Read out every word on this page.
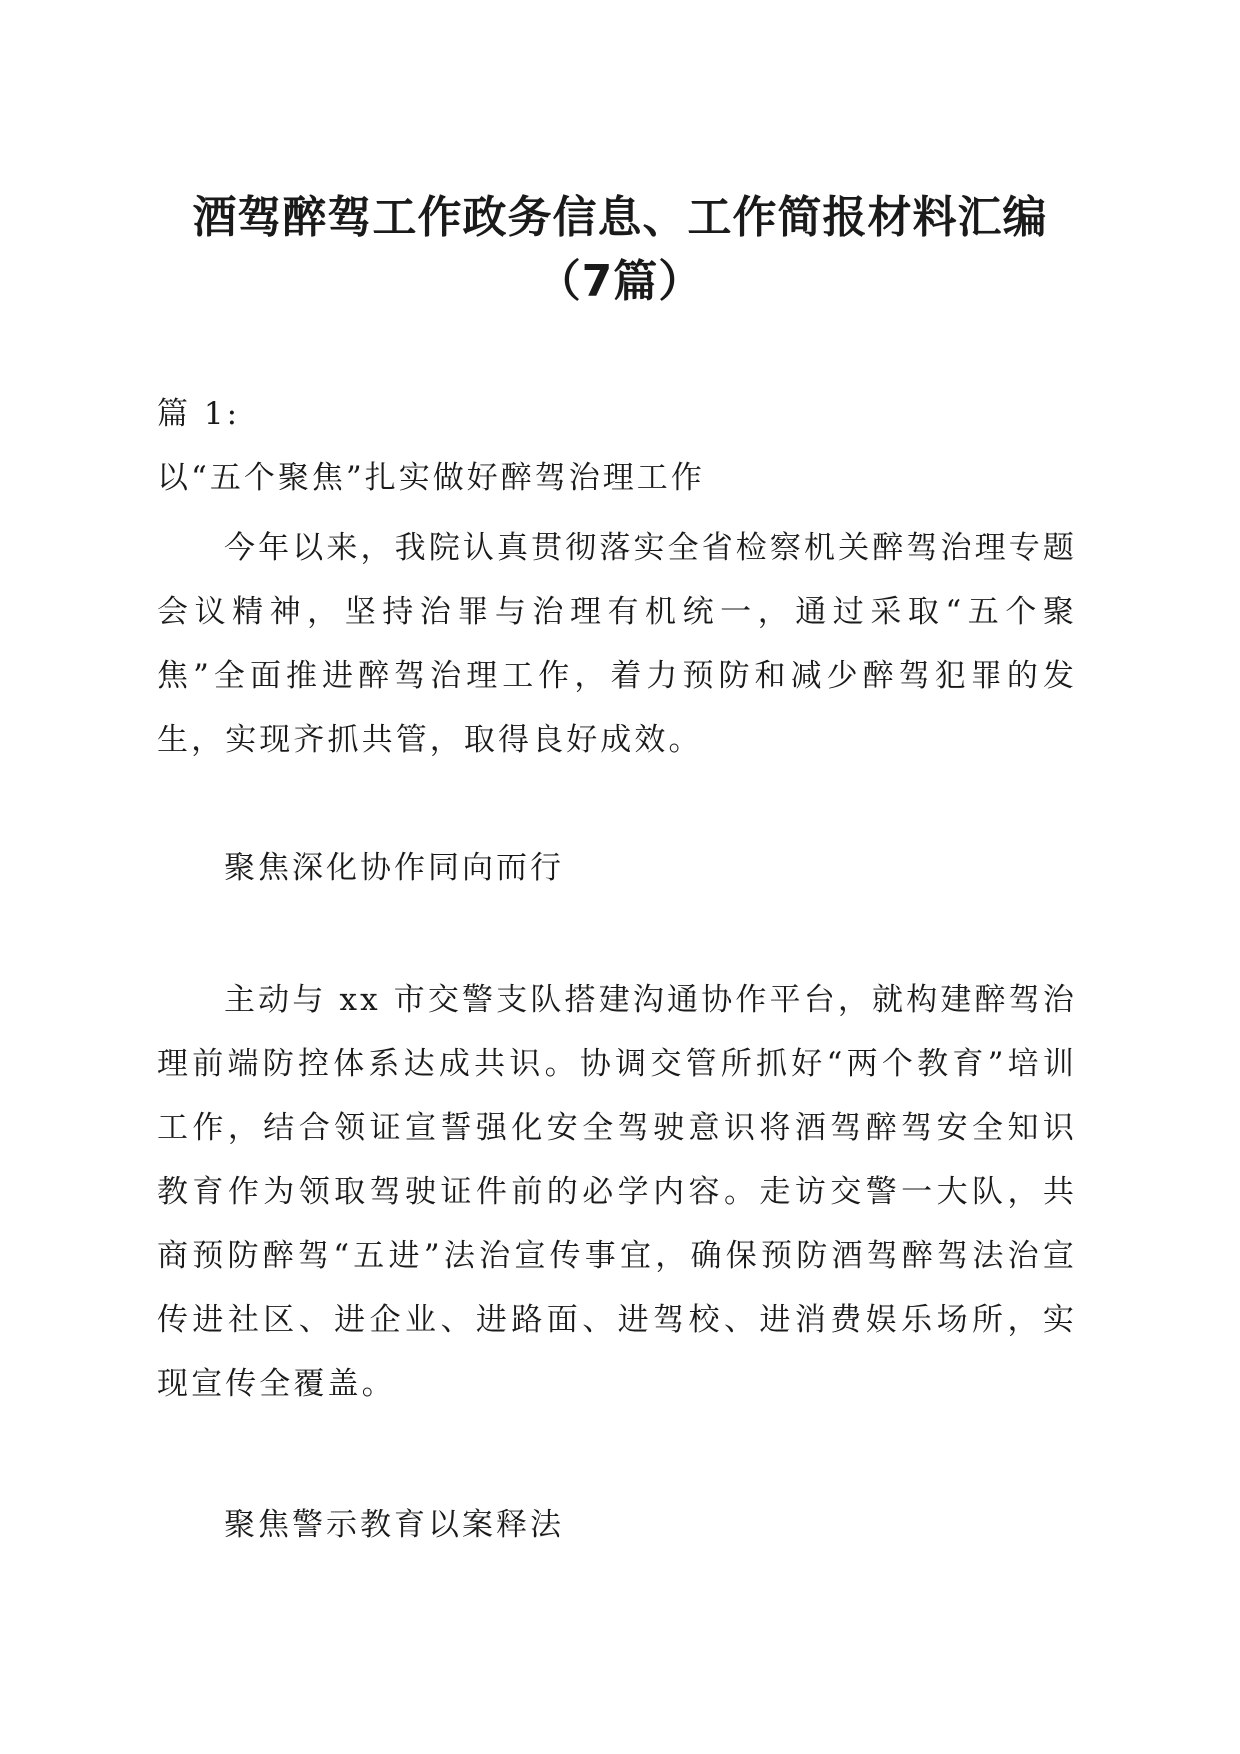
酒驾醉驾工作政务信息、工作简报材料汇编
（7篇）

篇 1:

以“五个聚焦”扎实做好醉驾治理工作

今年以来，我院认真贯彻落实全省检察机关醉驾治理专题会议精神，坚持治罪与治理有机统一，通过采取“五个聚焦”全面推进醉驾治理工作，着力预防和减少醉驾犯罪的发生，实现齐抓共管，取得良好成效。

聚焦深化协作同向而行

主动与 xx 市交警支队搭建沟通协作平台，就构建醉驾治理前端防控体系达成共识。协调交管所抓好“两个教育”培训工作，结合领证宣誓强化安全驾驶意识将酒驾醉驾安全知识教育作为领取驾驶证件前的必学内容。走访交警一大队，共商预防醉驾“五进”法治宣传事宜，确保预防酒驾醉驾法治宣传进社区、进企业、进路面、进驾校、进消费娱乐场所，实现宣传全覆盖。

聚焦警示教育以案释法
